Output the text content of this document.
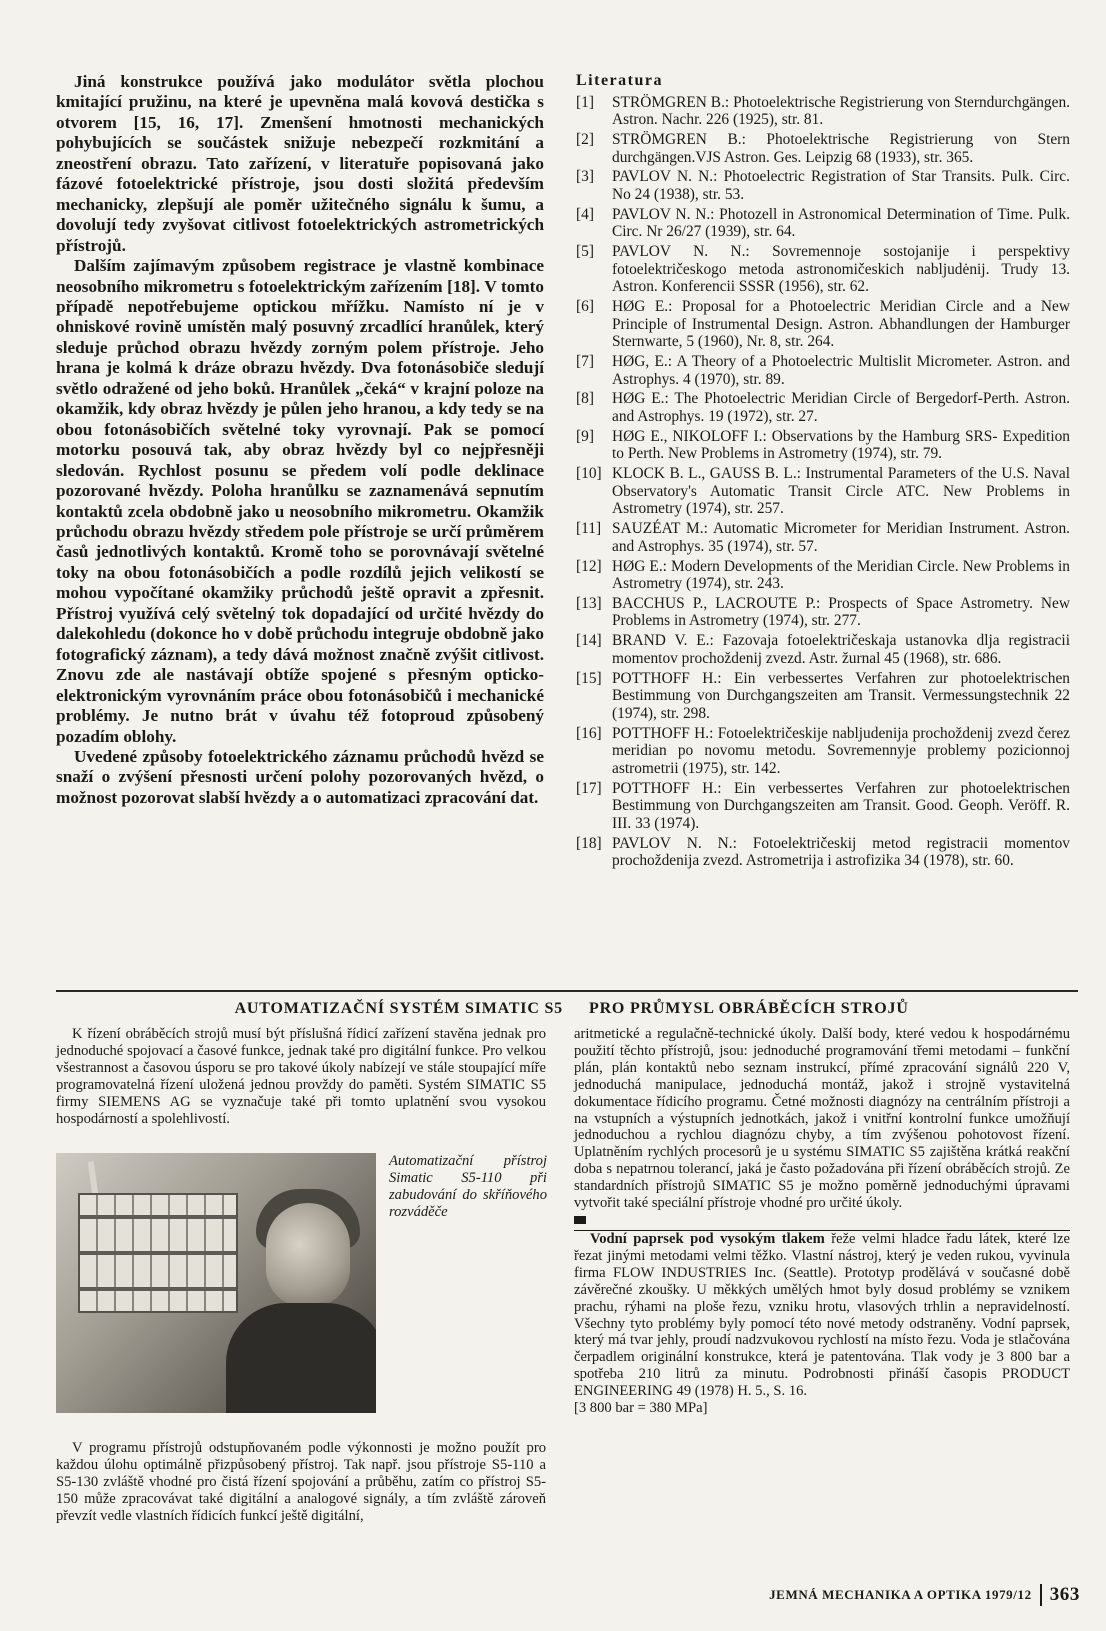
Jiná konstrukce používá jako modulátor světla plochou kmitající pružinu, na které je upevněna malá kovová destička s otvorem [15, 16, 17]. Zmenšení hmotnosti mechanických pohybujících se součástek snižuje nebezpečí rozkmitání a zneostření obrazu. Tato zařízení, v literatuře popisovaná jako fázové fotoelektrické přístroje, jsou dosti složitá především mechanicky, zlepšují ale poměr užitečného signálu k šumu, a dovolují tedy zvyšovat citlivost fotoelektrických astrometrických přístrojů.

Dalším zajímavým způsobem registrace je vlastně kombinace neosobního mikrometru s fotoelektrickým zařízením [18]. V tomto případě nepotřebujeme optickou mřížku. Namísto ní je v ohniskové rovině umístěn malý posuvný zrcadlící hranůlek, který sleduje průchod obrazu hvězdy zorným polem přístroje. Jeho hrana je kolmá k dráze obrazu hvězdy. Dva fotonásobiče sledují světlo odražené od jeho boků. Hranůlek „čeká“ v krajní poloze na okamžik, kdy obraz hvězdy je půlen jeho hranou, a kdy tedy se na obou fotonásobičích světelné toky vyrovnají. Pak se pomocí motorku posouvá tak, aby obraz hvězdy byl co nejpřesněji sledován. Rychlost posunu se předem volí podle deklinace pozorované hvězdy. Poloha hranůlku se zaznamenává sepnutím kontaktů zcela obdobně jako u neosobního mikrometru. Okamžik průchodu obrazu hvězdy středem pole přístroje se určí průměrem časů jednotlivých kontaktů. Kromě toho se porovnávají světelné toky na obou fotonásobičích a podle rozdílů jejich velikostí se mohou vypočítané okamžiky průchodů ještě opravit a zpřesnit. Přístroj využívá celý světelný tok dopadající od určité hvězdy do dalekohledu (dokonce ho v době průchodu integruje obdobně jako fotografický záznam), a tedy dává možnost značně zvýšit citlivost. Znovu zde ale nastávají obtíže spojené s přesným opticko-elektronickým vyrovnáním práce obou fotonásobičů i mechanické problémy. Je nutno brát v úvahu též fotoproud způsobený pozadím oblohy.

Uvedené způsoby fotoelektrického záznamu průchodů hvězd se snaží o zvýšení přesnosti určení polohy pozorovaných hvězd, o možnost pozorovat slabší hvězdy a o automatizaci zpracování dat.

Literatura
[1]	STRÖMGREN B.: Photoelektrische Registrierung von Sterndurchgängen. Astron. Nachr. 226 (1925), str. 81.
[2]	STRÖMGREN B.: Photoelektrische Registrierung von Stern durchgängen.VJS Astron. Ges. Leipzig 68 (1933), str. 365.
[3]	PAVLOV N. N.: Photoelectric Registration of Star Transits. Pulk. Circ. No 24 (1938), str. 53.
[4]	PAVLOV N. N.: Photozell in Astronomical Determination of Time. Pulk. Circ. Nr 26/27 (1939), str. 64.
[5]	PAVLOV N. N.: Sovremennoje sostojanije i perspektivy fotoelektričeskogo metoda astronomičeskich nabljudėnij. Trudy 13. Astron. Konferencii SSSR (1956), str. 62.
[6]	HØG E.: Proposal for a Photoelectric Meridian Circle and a New Principle of Instrumental Design. Astron. Abhandlungen der Hamburger Sternwarte, 5 (1960), Nr. 8, str. 264.
[7]	HØG, E.: A Theory of a Photoelectric Multislit Micrometer. Astron. and Astrophys. 4 (1970), str. 89.
[8]	HØG E.: The Photoelectric Meridian Circle of Bergedorf-Perth. Astron. and Astrophys. 19 (1972), str. 27.
[9]	HØG E., NIKOLOFF I.: Observations by the Hamburg SRS- Expedition to Perth. New Problems in Astrometry (1974), str. 79.
[10] KLOCK B. L., GAUSS B. L.: Instrumental Parameters of the U.S. Naval Observatory's Automatic Transit Circle ATC. New Problems in Astrometry (1974), str. 257.
[11] SAUZÉAT M.: Automatic Micrometer for Meridian Instrument. Astron. and Astrophys. 35 (1974), str. 57.
[12] HØG E.: Modern Developments of the Meridian Circle. New Problems in Astrometry (1974), str. 243.
[13] BACCHUS P., LACROUTE P.: Prospects of Space Astrometry. New Problems in Astrometry (1974), str. 277.
[14] BRAND V. E.: Fazovaja fotoelektričeskaja ustanovka dlja registracii momentov prochoždenij zvezd. Astr. žurnal 45 (1968), str. 686.
[15] POTTHOFF H.: Ein verbessertes Verfahren zur photoelektrischen Bestimmung von Durchgangszeiten am Transit. Vermessungstechnik 22 (1974), str. 298.
[16] POTTHOFF H.: Fotoelektričeskije nabljudenija prochoždenij zvezd čerez meridian po novomu metodu. Sovremennyje problemy pozicionnoj astrometrii (1975), str. 142.
[17] POTTHOFF H.: Ein verbessertes Verfahren zur photoelektrischen Bestimmung von Durchgangszeiten am Transit. Good. Geoph. Veröff. R. III. 33 (1974).
[18] PAVLOV N. N.: Fotoelektričeskij metod registracii momentov prochoždenija zvezd. Astrometrija i astrofizika 34 (1978), str. 60.
AUTOMATIZAČNÍ SYSTÉM SIMATIC S5	PRO PRŮMYSL OBRÁBĚCÍCH STROJŮ

K řízení obráběcích strojů musí být příslušná řídicí zařízení stavěna jednak pro jednoduché spojovací a časové funkce, jednak také pro digitální funkce. Pro velkou všestrannost a časovou úsporu se pro takové úkoly nabízejí ve stále stoupající míře programovatelná řízení uložená jednou provždy do paměti. Systém SIMATIC S5 firmy SIEMENS AG se vyznačuje také při tomto uplatnění svou vysokou hospodárností a spolehlivostí.

Automatizační přístroj Simatic S5-110 při zabudování do skříňového rozváděče

V programu přístrojů odstupňovaném podle výkonnosti je možno použít pro každou úlohu optimálně přizpůsobený přístroj. Tak např. jsou přístroje S5-110 a S5-130 zvláště vhodné pro čistá řízení spojování a průběhu, zatím co přístroj S5-150 může zpracovávat také digitální a analogové signály, a tím zvláště zároveň převzít vedle vlastních řídicích funkcí ještě digitální,

aritmetické a regulačně-technické úkoly. Další body, které vedou k hospodárnému použití těchto přístrojů, jsou: jednoduché programování třemi metodami – funkční plán, plán kontaktů nebo seznam instrukcí, přímé zpracování signálů 220 V, jednoduchá manipulace, jednoduchá montáž, jakož i strojně vystavitelná dokumentace řídicího programu. Četné možnosti diagnózy na centrálním přístroji a na vstupních a výstupních jednotkách, jakož i vnitřní kontrolní funkce umožňují jednoduchou a rychlou diagnózu chyby, a tím zvýšenou pohotovost řízení. Uplatněním rychlých procesorů je u systému SIMATIC S5 zajištěna krátká reakční doba s nepatrnou tolerancí, jaká je často požadována při řízení obráběcích strojů. Ze standardních přístrojů SIMATIC S5 je možno poměrně jednoduchými úpravami vytvořit také speciální přístroje vhodné pro určité úkoly.

Vodní paprsek pod vysokým tlakem řeže velmi hladce řadu látek, které lze řezat jinými metodami velmi těžko. Vlastní nástroj, který je veden rukou, vyvinula firma FLOW INDUSTRIES Inc. (Seattle). Prototyp prodělává v současné době závěrečné zkoušky. U měkkých umělých hmot byly dosud problémy se vznikem prachu, rýhami na ploše řezu, vzniku hrotu, vlasových trhlin a nepravidelností. Všechny tyto problémy byly pomocí této nové metody odstraněny. Vodní paprsek, který má tvar jehly, proudí nadzvukovou rychlostí na místo řezu. Voda je stlačována čerpadlem originální konstrukce, která je patentována. Tlak vody je 3 800 bar a spotřeba 210 litrů za minutu. Podrobnosti přináší časopis PRODUCT ENGINEERING 49 (1978) H. 5., S. 16.

[3 800 bar = 380 MPa]
JEMNÁ MECHANIKA A OPTIKA 1979/12 363
